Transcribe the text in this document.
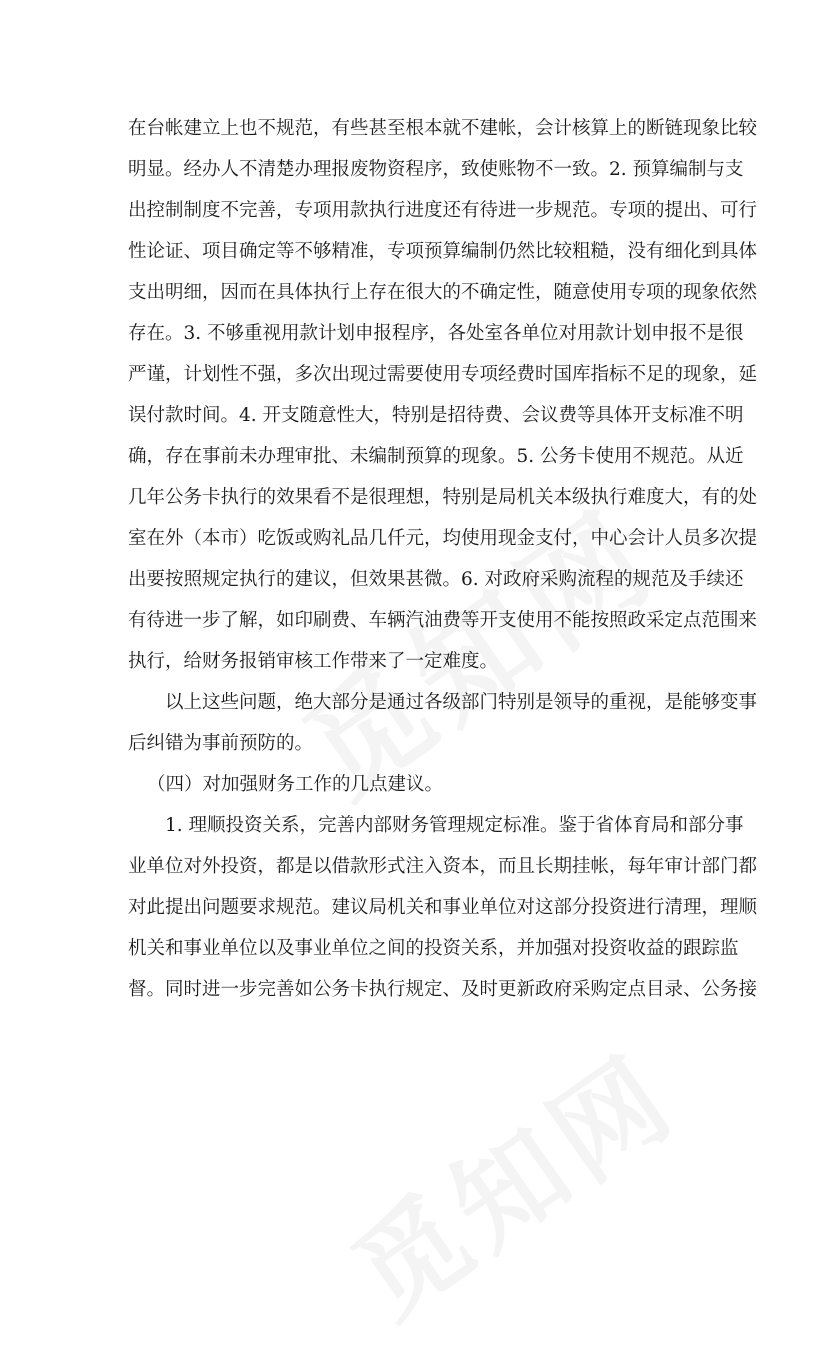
在台帐建立上也不规范，有些甚至根本就不建帐，会计核算上的断链现象比较
明显。经办人不清楚办理报废物资程序，致使账物不一致。2. 预算编制与支
出控制制度不完善，专项用款执行进度还有待进一步规范。专项的提出、可行
性论证、项目确定等不够精准，专项预算编制仍然比较粗糙，没有细化到具体
支出明细，因而在具体执行上存在很大的不确定性，随意使用专项的现象依然
存在。3. 不够重视用款计划申报程序，各处室各单位对用款计划申报不是很
严谨，计划性不强，多次出现过需要使用专项经费时国库指标不足的现象，延
误付款时间。4. 开支随意性大，特别是招待费、会议费等具体开支标准不明
确，存在事前未办理审批、未编制预算的现象。5. 公务卡使用不规范。从近
几年公务卡执行的效果看不是很理想，特别是局机关本级执行难度大，有的处
室在外（本市）吃饭或购礼品几仟元，均使用现金支付，中心会计人员多次提
出要按照规定执行的建议，但效果甚微。6. 对政府采购流程的规范及手续还
有待进一步了解，如印刷费、车辆汽油费等开支使用不能按照政采定点范围来
执行，给财务报销审核工作带来了一定难度。
以上这些问题，绝大部分是通过各级部门特别是领导的重视，是能够变事
后纠错为事前预防的。
（四）对加强财务工作的几点建议。
1. 理顺投资关系，完善内部财务管理规定标准。鉴于省体育局和部分事
业单位对外投资，都是以借款形式注入资本，而且长期挂帐，每年审计部门都
对此提出问题要求规范。建议局机关和事业单位对这部分投资进行清理，理顺
机关和事业单位以及事业单位之间的投资关系，并加强对投资收益的跟踪监
督。同时进一步完善如公务卡执行规定、及时更新政府采购定点目录、公务接
